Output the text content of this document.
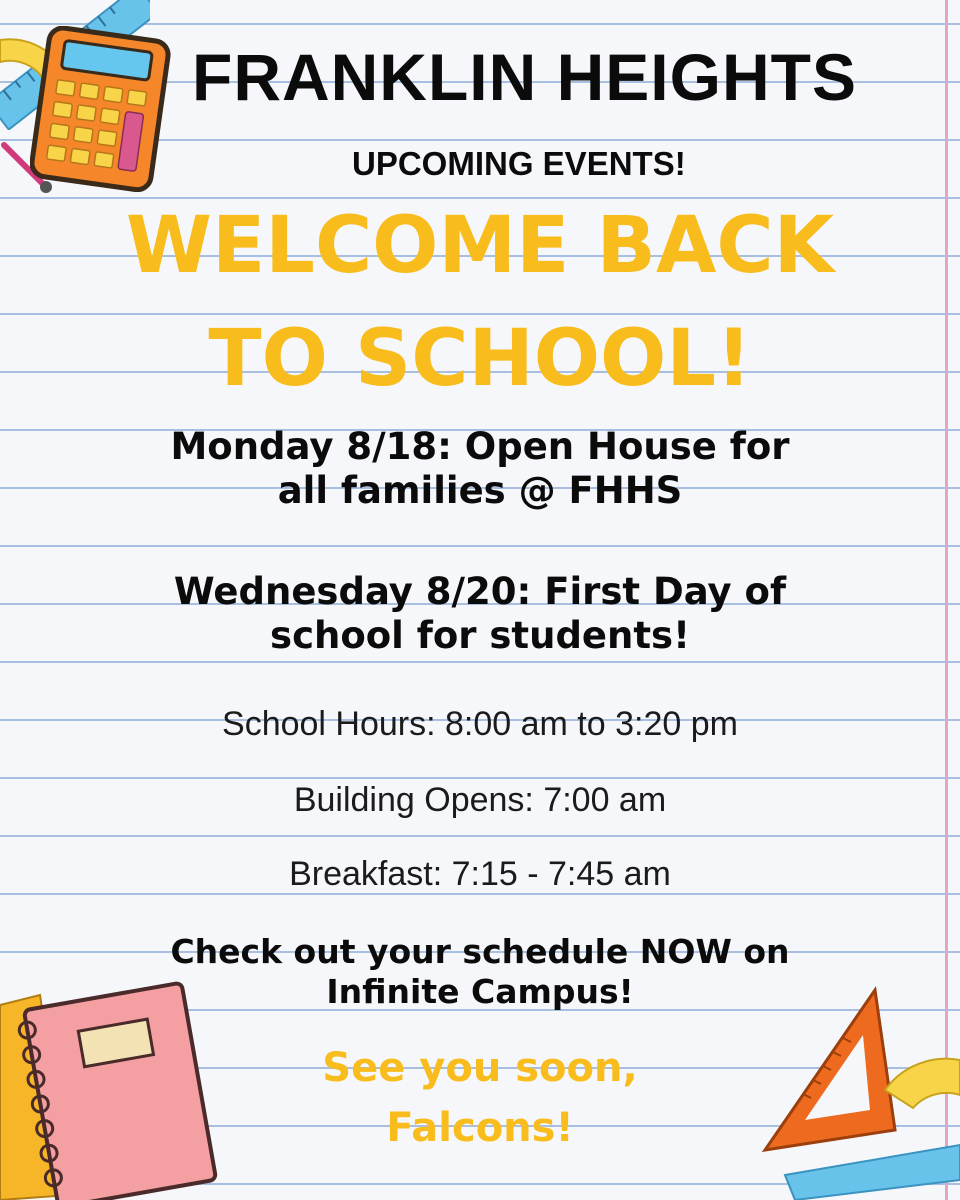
FRANKLIN HEIGHTS
UPCOMING EVENTS!
WELCOME BACK
TO SCHOOL!
Monday 8/18: Open House for
all families @ FHHS
Wednesday 8/20: First Day of
school for students!
School Hours: 8:00 am to 3:20 pm
Building Opens: 7:00 am
Breakfast: 7:15 - 7:45 am
Check out your schedule NOW on
Infinite Campus!
See you soon,
Falcons!
